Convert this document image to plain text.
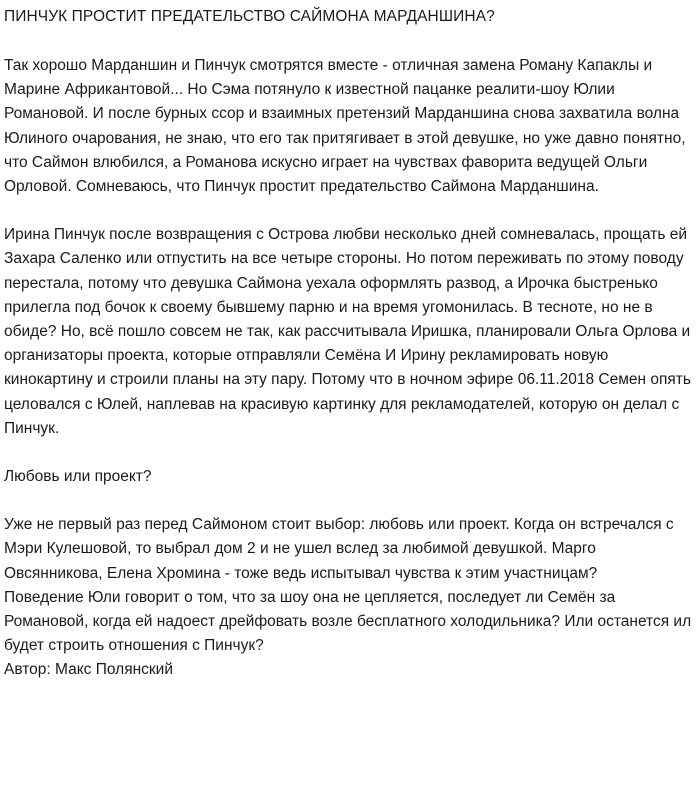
ПИНЧУК ПРОСТИТ ПРЕДАТЕЛЬСТВО САЙМОНА МАРДАНШИНА?

Так хорошо Марданшин и Пинчук смотрятся вместе - отличная замена Роману Капаклы и Марине Африкантовой... Но Сэма потянуло к известной пацанке реалити-шоу Юлии Романовой. И после бурных ссор и взаимных претензий Марданшина снова захватила волна Юлиного очарования, не знаю, что его так притягивает в этой девушке, но уже давно понятно, что Саймон влюбился, а Романова искусно играет на чувствах фаворита ведущей Ольги Орловой. Сомневаюсь, что Пинчук простит предательство Саймона Марданшина.

Ирина Пинчук после возвращения с Острова любви несколько дней сомневалась, прощать ей Захара Саленко или отпустить на все четыре стороны. Но потом переживать по этому поводу перестала, потому что девушка Саймона уехала оформлять развод, а Ирочка быстренько прилегла под бочок к своему бывшему парню и на время угомонилась. В тесноте, но не в обиде? Но, всё пошло совсем не так, как рассчитывала Иришка, планировали Ольга Орлова и организаторы проекта, которые отправляли Семёна И Ирину рекламировать новую кинокартину и строили планы на эту пару. Потому что в ночном эфире 06.11.2018 Семен опять целовался с Юлей, наплевав на красивую картинку для рекламодателей, которую он делал с Пинчук.

Любовь или проект?

Уже не первый раз перед Саймоном стоит выбор: любовь или проект. Когда он встречался с Мэри Кулешовой, то выбрал дом 2 и не ушел вслед за любимой девушкой. Марго Овсянникова, Елена Хромина - тоже ведь испытывал чувства к этим участницам?

Поведение Юли говорит о том, что за шоу она не цепляется, последует ли Семён за Романовой, когда ей надоест дрейфовать возле бесплатного холодильника? Или останется ил будет строить отношения с Пинчук?

Автор: Макс Полянский
